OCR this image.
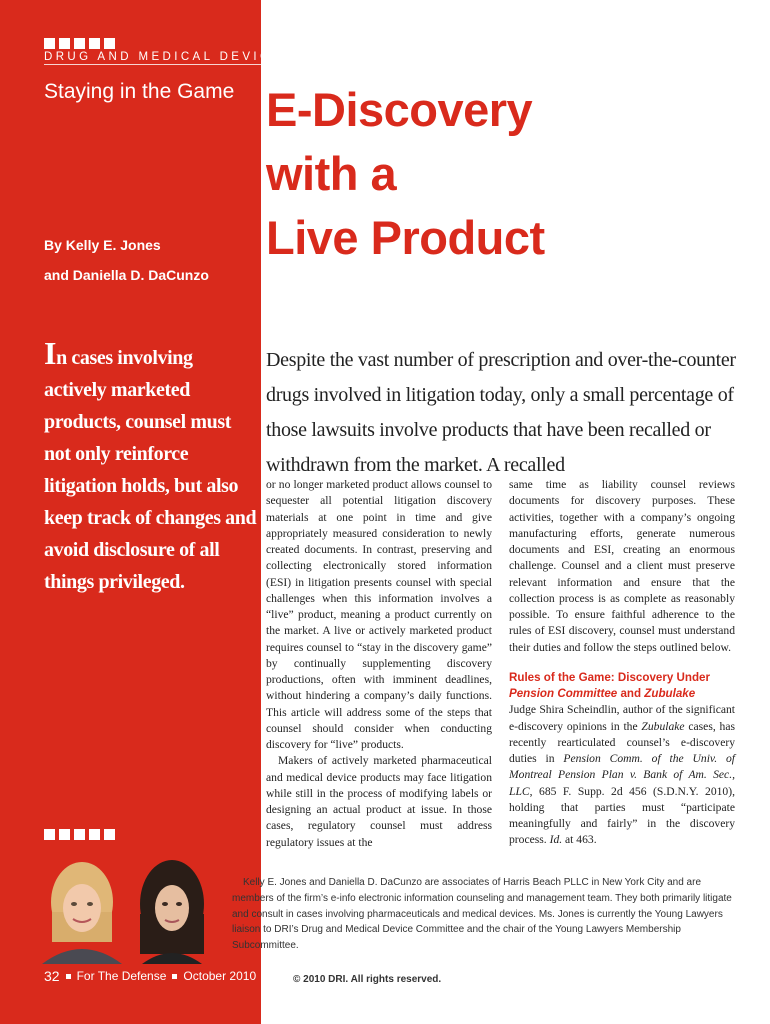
DRUG AND MEDICAL DEVICE
Staying in the Game
By Kelly E. Jones
and Daniella D. DaCunzo
E-Discovery
with a
Live Product
In cases involving actively marketed products, counsel must not only reinforce litigation holds, but also keep track of changes and avoid disclosure of all things privileged.
Despite the vast number of prescription and over-the-counter drugs involved in litigation today, only a small percentage of those lawsuits involve products that have been recalled or withdrawn from the market. A recalled

or no longer marketed product allows counsel to sequester all potential litigation discovery materials at one point in time and give appropriately measured consideration to newly created documents. In contrast, preserving and collecting electronically stored information (ESI) in litigation presents counsel with special challenges when this information involves a “live” product, meaning a product currently on the market. A live or actively marketed product requires counsel to “stay in the discovery game” by continually supplementing discovery productions, often with imminent deadlines, without hindering a company’s daily functions. This article will address some of the steps that counsel should consider when conducting discovery for “live” products.

Makers of actively marketed pharmaceutical and medical device products may face litigation while still in the process of modifying labels or designing an actual product at issue. In those cases, regulatory counsel must address regulatory issues at the

same time as liability counsel reviews documents for discovery purposes. These activities, together with a company’s ongoing manufacturing efforts, generate numerous documents and ESI, creating an enormous challenge. Counsel and a client must preserve relevant information and ensure that the collection process is as complete as reasonably possible. To ensure faithful adherence to the rules of ESI discovery, counsel must understand their duties and follow the steps outlined below.

Rules of the Game: Discovery Under Pension Committee and Zubulake

Judge Shira Scheindlin, author of the significant e-discovery opinions in the Zubulake cases, has recently rearticulated counsel’s e-discovery duties in Pension Comm. of the Univ. of Montreal Pension Plan v. Bank of Am. Sec., LLC, 685 F. Supp. 2d 456 (S.D.N.Y. 2010), holding that parties must “participate meaningfully and fairly” in the discovery process. Id. at 463.

Kelly E. Jones and Daniella D. DaCunzo are associates of Harris Beach PLLC in New York City and are members of the firm’s e-info electronic information counseling and management team. They both primarily litigate and consult in cases involving pharmaceuticals and medical devices. Ms. Jones is currently the Young Lawyers liaison to DRI’s Drug and Medical Device Committee and the chair of the Young Lawyers Membership Subcommittee.
32 For The Defense October 2010	© 2010 DRI. All rights reserved.
